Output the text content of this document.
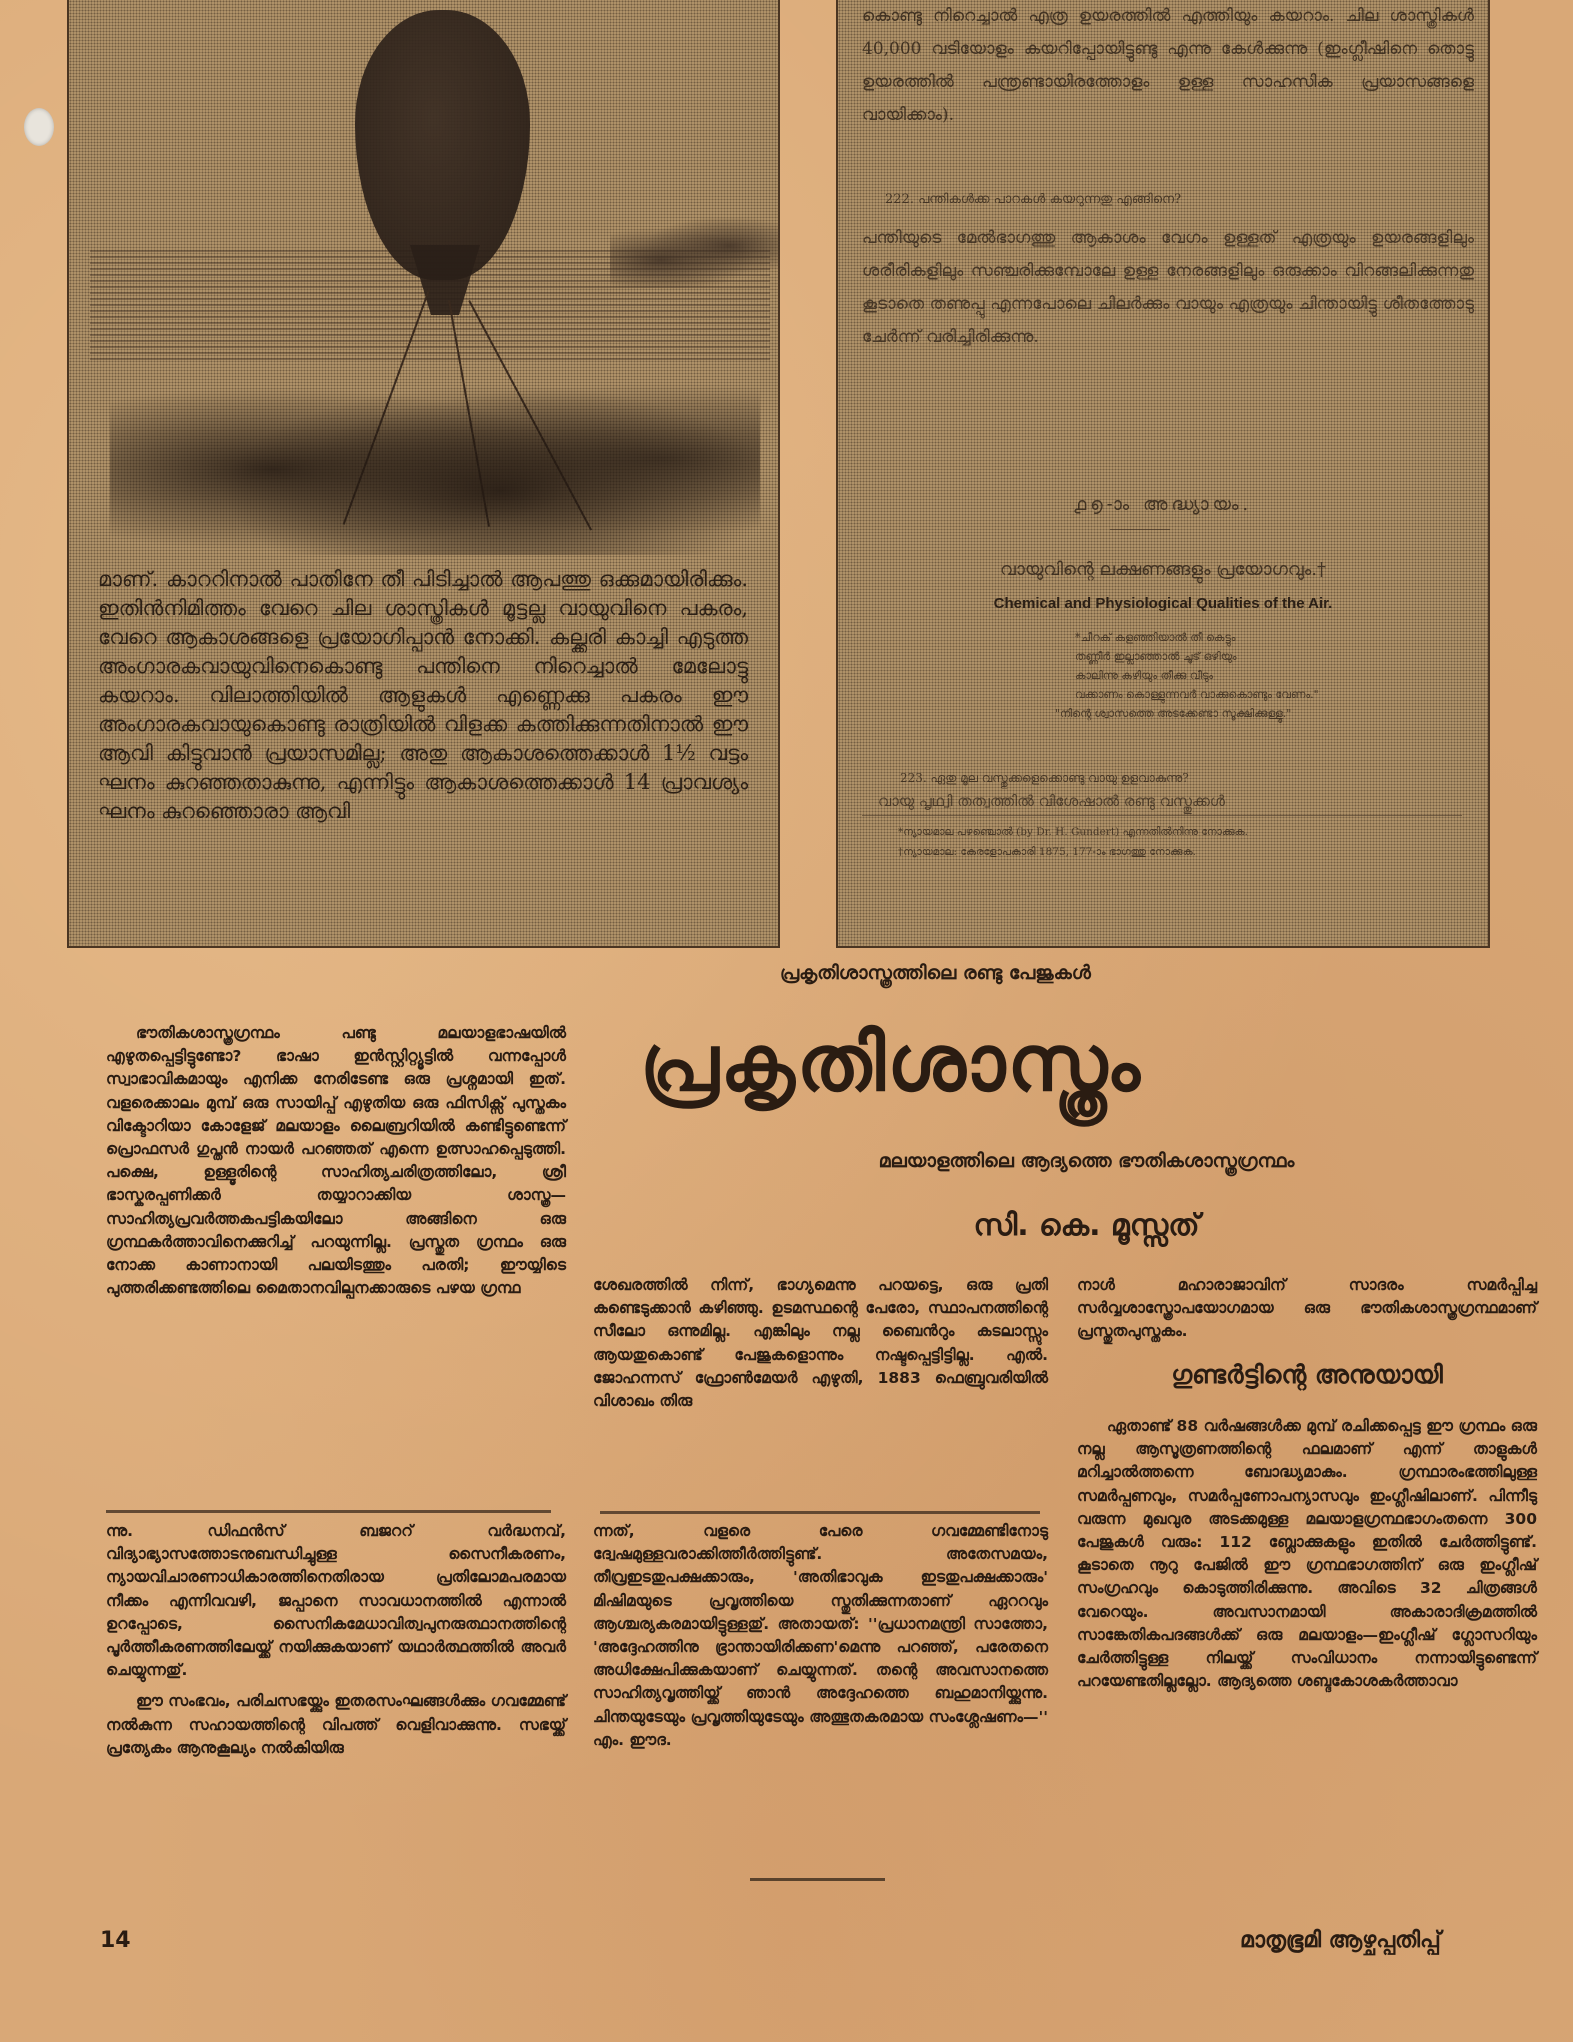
മാണ്. കാററിനാൽ പാതിനേ തീ പിടിച്ചാൽ ആപത്തു ഒക്കുമായിരിക്കും. ഇതിൻനിമിത്തം വേറെ ചില ശാസ്ത്രികൾ മൂട്ടല്ല വായുവിനെ പകരം, വേറെ ആകാശങ്ങളെ പ്രയോഗിപ്പാൻ നോക്കി. കല്ക്കരി കാച്ചി എടുത്ത അംഗാരകവായുവിനെകൊണ്ടു പന്തിനെ നിറെച്ചാൽ മേലോട്ടു കയറാം. വിലാത്തിയിൽ ആളുകൾ എണ്ണെക്കു പകരം ഈ അംഗാരകവായുകൊണ്ടു രാത്രിയിൽ വിളക്ക കത്തിക്കുന്നതിനാൽ ഈ ആവി കിട്ടുവാൻ പ്രയാസമില്ല; അതു ആകാശത്തെക്കാൾ 1½ വട്ടം ഘനം കുറഞ്ഞതാകുന്നു, എന്നിട്ടും ആകാശത്തെക്കാൾ 14 പ്രാവശ്യം ഘനം കുറഞ്ഞൊരാ ആവി
കൊണ്ടു നിറെച്ചാൽ എത്ര ഉയരത്തിൽ എത്തിയും കയറാം. ചില ശാസ്ത്രികൾ 40,000 വടിയോളം കയറിപ്പോയിട്ടുണ്ടു എന്നു കേൾക്കുന്നു (ഇംഗ്ലീഷിനെ തൊട്ടു ഉയരത്തിൽ പന്ത്രണ്ടായിരത്തോളം ഉള്ള സാഹസിക പ്രയാസങ്ങളെ വായിക്കാം).
222. പന്തികൾക്ക പാറകൾ കയറുന്നതു എങ്ങിനെ?
പന്തിയുടെ മേൽഭാഗത്തു ആകാശം വേഗം ഉള്ളത് എത്രയും ഉയരങ്ങളിലും ശരീരികളിലും സഞ്ചരിക്കുമ്പോലേ ഉള്ള നേരങ്ങളിലും ഒരുക്കാം വിറങ്ങലിക്കുന്നതു കൂടാതെ തണുപ്പു എന്നപോലെ ചിലർക്കും വായും എത്രയും ചിന്തായിട്ടു ശീതത്തോടു ചേർന്ന് വരിച്ചിരിക്കുന്നു.
൧൭-ാം അദ്ധ്യായം.
വായുവിന്റെ ലക്ഷണങ്ങളും പ്രയോഗവും.†
Chemical and Physiological Qualities of the Air.
*ചീറക് കളഞ്ഞിയാൽ തീ കെട്ടും
തണ്ണീർ ഇല്ലാഞ്ഞാൽ ചൂട് ഒഴിയും
കാലിന്നു കഴിയും തീക്കു വീടും
വക്കാണം കൊള്ളുന്നവർ വാക്കുകൊണ്ടും വേണം."
"നിന്റെ ശ്വാസത്തെ അടക്കേണ്ടാ സൂക്ഷിക്കുള്ളൂ."
223. ഏതു മൂല വസ്തുക്കളെക്കൊണ്ടു വായു ഉളവാകുന്നു?
വായു പൃഥ്വി തത്വത്തിൽ വിശേഷാൽ രണ്ടു വസ്തുക്കൾ
*ന്യായമാല പഴഞ്ചൊൽ (by Dr. H. Gundert) എന്നതിൽനിന്നു നോക്കുക.
†ന്യായമാല: കേരളോപകാരി 1875, 177-ാം ഭാഗത്തു നോക്കുക.
പ്രകൃതിശാസ്ത്രത്തിലെ രണ്ടു പേജുകൾ
പ്രകൃതിശാസ്ത്രം
മലയാളത്തിലെ ആദ്യത്തെ ഭൗതികശാസ്ത്രഗ്രന്ഥം
സി. കെ. മൂസ്സത്

ഭൗതികശാസ്ത്രഗ്രന്ഥം പണ്ടു മലയാളഭാഷയിൽ എഴുതപ്പെട്ടിട്ടുണ്ടോ? ഭാഷാ ഇൻസ്റ്റിറ്റ്യൂട്ടിൽ വന്നപ്പോൾ സ്വാഭാവികമായും എനിക്ക നേരിടേണ്ട ഒരു പ്രശ്നമായി ഇത്. വളരെക്കാലം മുമ്പ് ഒരു സായിപ്പ് എഴുതിയ ഒരു ഫിസിക്സ് പുസ്തകം വിക്ടോറിയാ കോളേജ് മലയാളം ലൈബ്രറിയിൽ കണ്ടിട്ടുണ്ടെന്ന് പ്രൊഫസർ ഗുപ്തൻ നായർ പറഞ്ഞത് എന്നെ ഉത്സാഹപ്പെടുത്തി. പക്ഷെ, ഉള്ളൂരിന്റെ സാഹിത്യചരിത്രത്തിലോ, ശ്രീ ഭാസ്കരപ്പണിക്കർ തയ്യാറാക്കിയ ശാസ്ത്ര—സാഹിത്യപ്രവർത്തകപട്ടികയിലോ അങ്ങിനെ ഒരു ഗ്രന്ഥകർത്താവിനെക്കുറിച്ച് പറയുന്നില്ല. പ്രസ്തുത ഗ്രന്ഥം ഒരു നോക്ക കാണാനായി പലയിടത്തും പരതി; ഈയ്യിടെ പുത്തരിക്കണ്ടത്തിലെ മൈതാനവില്പനക്കാരുടെ പഴയ ഗ്രന്ഥ	ശേഖരത്തിൽ നിന്ന്, ഭാഗ്യമെന്നു പറയട്ടെ, ഒരു പ്രതി കണ്ടെടുക്കാൻ കഴിഞ്ഞു. ഉടമസ്ഥന്റെ പേരോ, സ്ഥാപനത്തിന്റെ സീലോ ഒന്നുമില്ല. എങ്കിലും നല്ല ബൈൻറും കടലാസ്സും ആയതുകൊണ്ട് പേജുകളൊന്നും നഷ്ടപ്പെട്ടിട്ടില്ല. എൽ. ജോഹന്നസ് ഫ്രോൺമേയർ എഴുതി, 1883 ഫെബ്രുവരിയിൽ വിശാഖം തിരു

നാൾ മഹാരാജാവിന് സാദരം സമർപ്പിച്ച സർവ്വശാസ്ത്രോപയോഗമായ ഒരു ഭൗതികശാസ്ത്രഗ്രന്ഥമാണ് പ്രസ്തുതപുസ്തകം.

ഗുണ്ടർട്ടിന്റെ അനുയായി

ഏതാണ്ട് 88 വർഷങ്ങൾക്ക മുമ്പ് രചിക്കപ്പെട്ട ഈ ഗ്രന്ഥം ഒരു നല്ല ആസൂത്രണത്തിന്റെ ഫലമാണ് എന്ന് താളുകൾ മറിച്ചാൽത്തന്നെ ബോദ്ധ്യമാകും. ഗ്രന്ഥാരംഭത്തിലുള്ള സമർപ്പണവും, സമർപ്പണോപന്യാസവും ഇംഗ്ലീഷിലാണ്. പിന്നീടു വരുന്ന മുഖവുര അടക്കമുള്ള മലയാളഗ്രന്ഥഭാഗംതന്നെ 300 പേജുകൾ വരും: 112 ബ്ലോക്കുകളും ഇതിൽ ചേർത്തിട്ടുണ്ട്. കൂടാതെ നൂറു പേജിൽ ഈ ഗ്രന്ഥഭാഗത്തിന് ഒരു ഇംഗ്ലീഷ് സംഗ്രഹവും കൊടുത്തിരിക്കുന്നു. അവിടെ 32 ചിത്രങ്ങൾ വേറെയും. അവസാനമായി അകാരാദിക്രമത്തിൽ സാങ്കേതികപദങ്ങൾക്ക് ഒരു മലയാളം—ഇംഗ്ലീഷ് ഗ്ലോസറിയും ചേർത്തിട്ടുള്ള നിലയ്ക്ക് സംവിധാനം നന്നായിട്ടുണ്ടെന്ന് പറയേണ്ടതില്ലല്ലോ. ആദ്യത്തെ ശബ്ദകോശകർത്താവാ

ന്നു. ഡിഫൻസ് ബജററ് വർദ്ധനവ്, വിദ്യാഭ്യാസത്തോടനുബന്ധിച്ചുള്ള സൈനീകരണം, ന്യായവിചാരണാധികാരത്തിനെതിരായ പ്രതിലോമപരമായ നീക്കം എന്നിവവഴി, ജപ്പാനെ സാവധാനത്തിൽ എന്നാൽ ഉറപ്പോടെ, സൈനികമേധാവിത്വപുനരുത്ഥാനത്തിന്റെ പൂർത്തീകരണത്തിലേയ്ക്ക് നയിക്കുകയാണ് യഥാർത്ഥത്തിൽ അവർ ചെയ്യുന്നതു്.

ഈ സംഭവം, പരിചസഭയ്ക്കും ഇതരസംഘങ്ങൾക്കും ഗവമ്മേണ്ട് നൽകുന്ന സഹായത്തിന്റെ വിപത്ത് വെളിവാക്കുന്നു. സഭയ്ക്ക് പ്രത്യേകം ആനുകൂല്യം നൽകിയിരു

ന്നത്, വളരെ പേരെ ഗവമ്മേണ്ടിനോടു ദ്വേഷമുള്ളവരാക്കിത്തീർത്തിട്ടുണ്ട്. അതേസമയം, തീവ്രഇടതുപക്ഷക്കാരും, 'അതിഭാവുക ഇടതുപക്ഷക്കാരും' മിഷിമയുടെ പ്രവൃത്തിയെ സ്തുതിക്കുന്നതാണ് ഏററവും ആശ്ചര്യകരമായിട്ടുള്ളതു്. അതായത്: ''പ്രധാനമന്ത്രി സാത്തോ, 'അദ്ദേഹത്തിനു ഭ്രാന്തായിരിക്കണ'മെന്നു പറഞ്ഞ്, പരേതനെ അധിക്ഷേപിക്കുകയാണ് ചെയ്യുന്നത്. തന്റെ അവസാനത്തെ സാഹിത്യവൃത്തിയ്ക്ക് ഞാൻ അദ്ദേഹത്തെ ബഹുമാനിയ്ക്കുന്നു. ചിന്തയുടേയും പ്രവൃത്തിയുടേയും അത്ഭുതകരമായ സംശ്ലേഷണം—'' എം. ഈദ.

14	മാതൃഭൂമി ആഴ്ചപ്പതിപ്പ്
